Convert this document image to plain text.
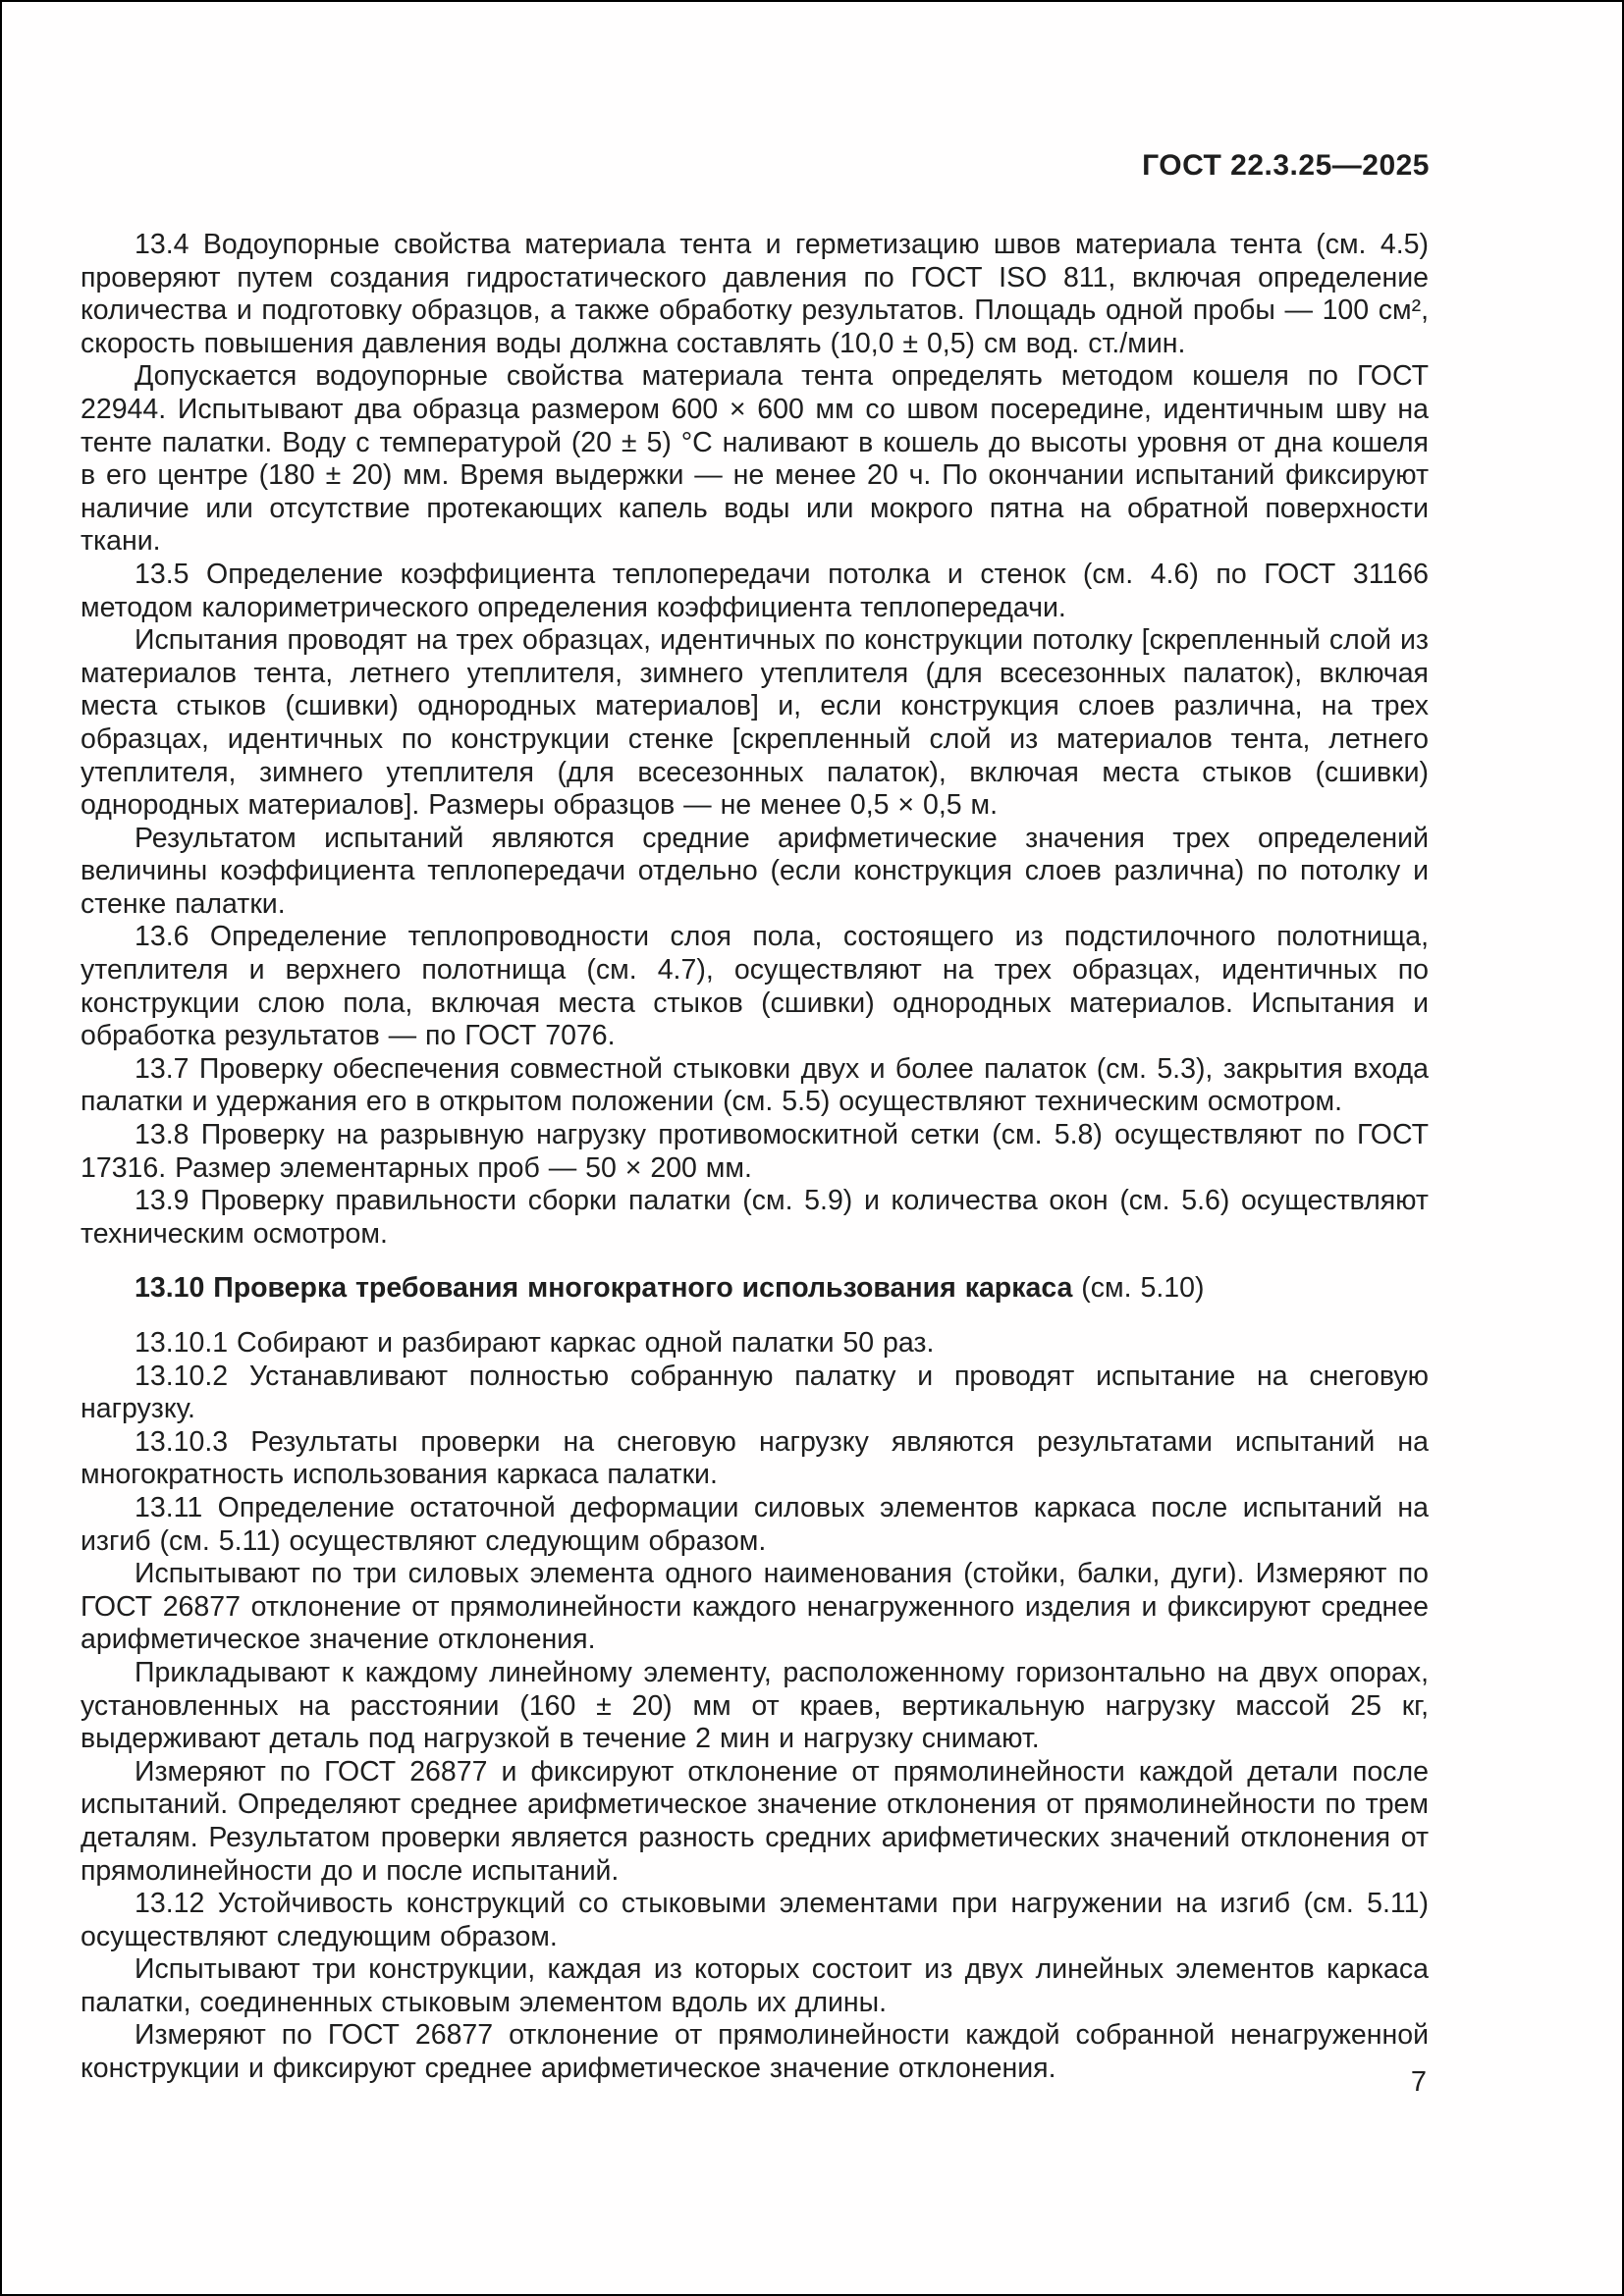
ГОСТ 22.3.25—2025

13.4 Водоупорные свойства материала тента и герметизацию швов материала тента (см. 4.5) проверяют путем создания гидростатического давления по ГОСТ ISO 811, включая определение количества и подготовку образцов, а также обработку результатов. Площадь одной пробы — 100 см², скорость повышения давления воды должна составлять (10,0 ± 0,5) см вод. ст./мин.

Допускается водоупорные свойства материала тента определять методом кошеля по ГОСТ 22944. Испытывают два образца размером 600 × 600 мм со швом посередине, идентичным шву на тенте палатки. Воду с температурой (20 ± 5) °С наливают в кошель до высоты уровня от дна кошеля в его центре (180 ± 20) мм. Время выдержки — не менее 20 ч. По окончании испытаний фиксируют наличие или отсутствие протекающих капель воды или мокрого пятна на обратной поверхности ткани.

13.5 Определение коэффициента теплопередачи потолка и стенок (см. 4.6) по ГОСТ 31166 методом калориметрического определения коэффициента теплопередачи.

Испытания проводят на трех образцах, идентичных по конструкции потолку [скрепленный слой из материалов тента, летнего утеплителя, зимнего утеплителя (для всесезонных палаток), включая места стыков (сшивки) однородных материалов] и, если конструкция слоев различна, на трех образцах, идентичных по конструкции стенке [скрепленный слой из материалов тента, летнего утеплителя, зимнего утеплителя (для всесезонных палаток), включая места стыков (сшивки) однородных материалов]. Размеры образцов — не менее 0,5 × 0,5 м.

Результатом испытаний являются средние арифметические значения трех определений величины коэффициента теплопередачи отдельно (если конструкция слоев различна) по потолку и стенке палатки.

13.6 Определение теплопроводности слоя пола, состоящего из подстилочного полотнища, утеплителя и верхнего полотнища (см. 4.7), осуществляют на трех образцах, идентичных по конструкции слою пола, включая места стыков (сшивки) однородных материалов. Испытания и обработка результатов — по ГОСТ 7076.

13.7 Проверку обеспечения совместной стыковки двух и более палаток (см. 5.3), закрытия входа палатки и удержания его в открытом положении (см. 5.5) осуществляют техническим осмотром.

13.8 Проверку на разрывную нагрузку противомоскитной сетки (см. 5.8) осуществляют по ГОСТ 17316. Размер элементарных проб — 50 × 200 мм.

13.9 Проверку правильности сборки палатки (см. 5.9) и количества окон (см. 5.6) осуществляют техническим осмотром.

13.10 Проверка требования многократного использования каркаса (см. 5.10)

13.10.1 Собирают и разбирают каркас одной палатки 50 раз.

13.10.2 Устанавливают полностью собранную палатку и проводят испытание на снеговую нагрузку.

13.10.3 Результаты проверки на снеговую нагрузку являются результатами испытаний на многократность использования каркаса палатки.

13.11 Определение остаточной деформации силовых элементов каркаса после испытаний на изгиб (см. 5.11) осуществляют следующим образом.

Испытывают по три силовых элемента одного наименования (стойки, балки, дуги). Измеряют по ГОСТ 26877 отклонение от прямолинейности каждого ненагруженного изделия и фиксируют среднее арифметическое значение отклонения.

Прикладывают к каждому линейному элементу, расположенному горизонтально на двух опорах, установленных на расстоянии (160 ± 20) мм от краев, вертикальную нагрузку массой 25 кг, выдерживают деталь под нагрузкой в течение 2 мин и нагрузку снимают.

Измеряют по ГОСТ 26877 и фиксируют отклонение от прямолинейности каждой детали после испытаний. Определяют среднее арифметическое значение отклонения от прямолинейности по трем деталям. Результатом проверки является разность средних арифметических значений отклонения от прямолинейности до и после испытаний.

13.12 Устойчивость конструкций со стыковыми элементами при нагружении на изгиб (см. 5.11) осуществляют следующим образом.

Испытывают три конструкции, каждая из которых состоит из двух линейных элементов каркаса палатки, соединенных стыковым элементом вдоль их длины.

Измеряют по ГОСТ 26877 отклонение от прямолинейности каждой собранной ненагруженной конструкции и фиксируют среднее арифметическое значение отклонения.	7
